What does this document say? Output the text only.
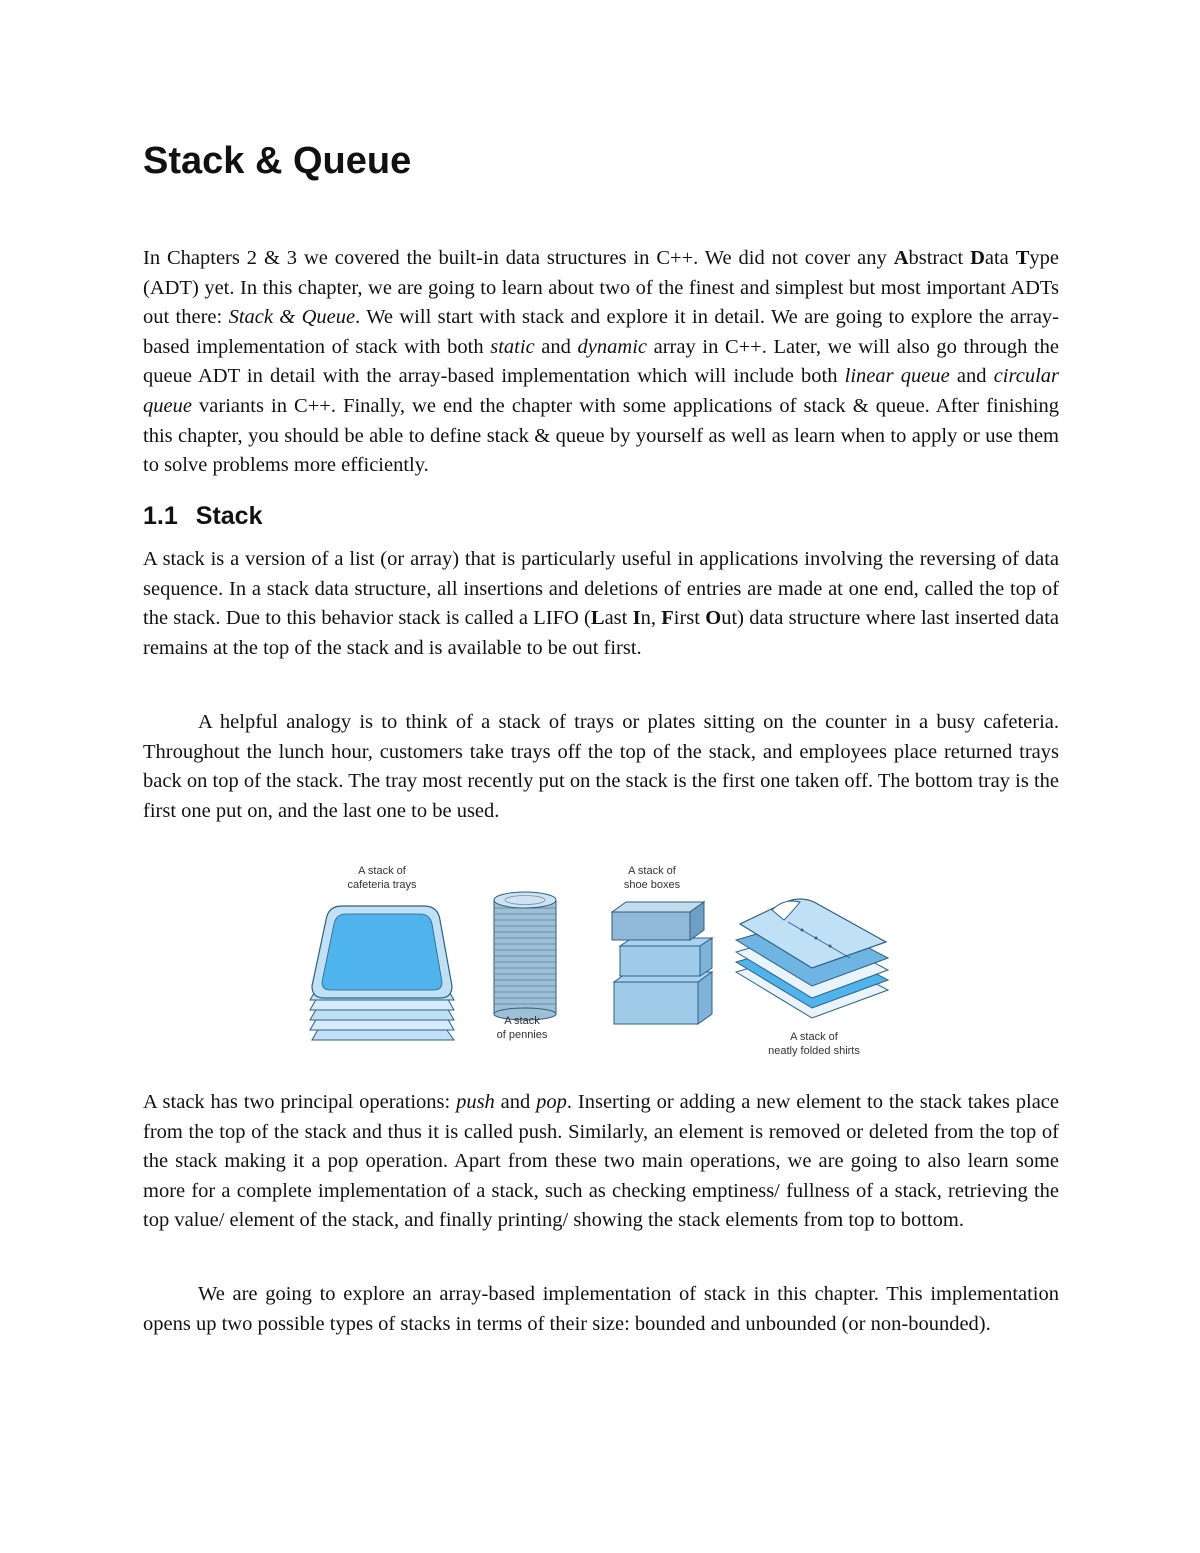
Stack & Queue

In Chapters 2 & 3 we covered the built-in data structures in C++. We did not cover any Abstract Data Type (ADT) yet. In this chapter, we are going to learn about two of the finest and simplest but most important ADTs out there: Stack & Queue. We will start with stack and explore it in detail. We are going to explore the array-based implementation of stack with both static and dynamic array in C++. Later, we will also go through the queue ADT in detail with the array-based implementation which will include both linear queue and circular queue variants in C++. Finally, we end the chapter with some applications of stack & queue. After finishing this chapter, you should be able to define stack & queue by yourself as well as learn when to apply or use them to solve problems more efficiently.

1.1 Stack

A stack is a version of a list (or array) that is particularly useful in applications involving the reversing of data sequence. In a stack data structure, all insertions and deletions of entries are made at one end, called the top of the stack. Due to this behavior stack is called a LIFO (Last In, First Out) data structure where last inserted data remains at the top of the stack and is available to be out first.

A helpful analogy is to think of a stack of trays or plates sitting on the counter in a busy cafeteria. Throughout the lunch hour, customers take trays off the top of the stack, and employees place returned trays back on top of the stack. The tray most recently put on the stack is the first one taken off. The bottom tray is the first one put on, and the last one to be used.

A stack has two principal operations: push and pop. Inserting or adding a new element to the stack takes place from the top of the stack and thus it is called push. Similarly, an element is removed or deleted from the top of the stack making it a pop operation. Apart from these two main operations, we are going to also learn some more for a complete implementation of a stack, such as checking emptiness/ fullness of a stack, retrieving the top value/ element of the stack, and finally printing/ showing the stack elements from top to bottom.

We are going to explore an array-based implementation of stack in this chapter. This implementation opens up two possible types of stacks in terms of their size: bounded and unbounded (or non-bounded).

A stack of
cafeteria trays
A stack
of pennies
A stack of
shoe boxes
A stack of
neatly folded shirts
